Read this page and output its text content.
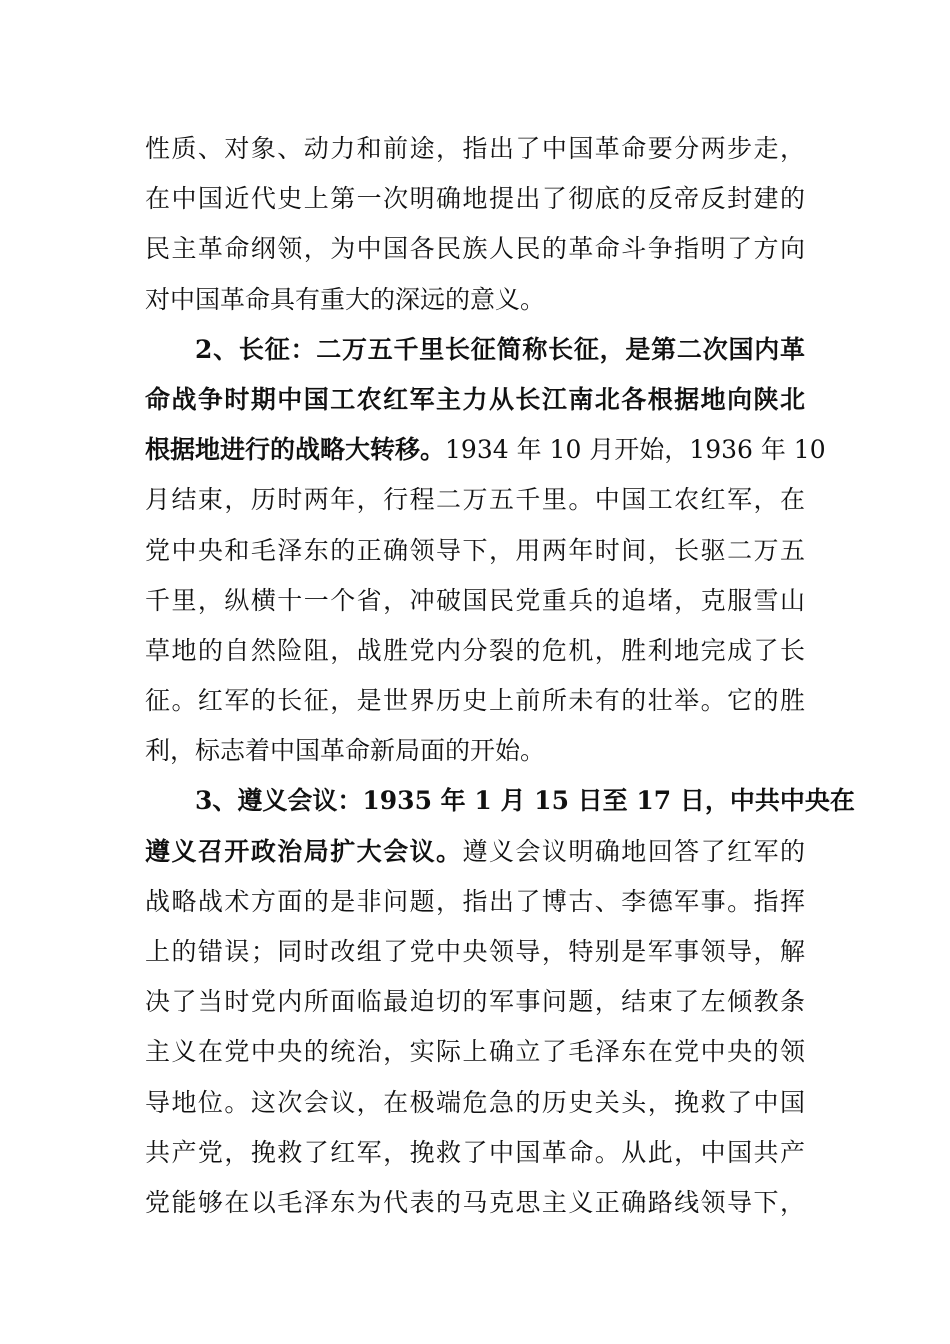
性质、对象、动力和前途，指出了中国革命要分两步走，
在中国近代史上第一次明确地提出了彻底的反帝反封建的
民主革命纲领，为中国各民族人民的革命斗争指明了方向
对中国革命具有重大的深远的意义。
2、长征：二万五千里长征简称长征，是第二次国内革
命战争时期中国工农红军主力从长江南北各根据地向陕北
根据地进行的战略大转移。1934 年 10 月开始，1936 年 10
月结束，历时两年，行程二万五千里。中国工农红军，在
党中央和毛泽东的正确领导下，用两年时间，长驱二万五
千里，纵横十一个省，冲破国民党重兵的追堵，克服雪山
草地的自然险阻，战胜党内分裂的危机，胜利地完成了长
征。红军的长征，是世界历史上前所未有的壮举。它的胜
利，标志着中国革命新局面的开始。
3、遵义会议：1935 年 1 月 15 日至 17 日，中共中央在
遵义召开政治局扩大会议。遵义会议明确地回答了红军的
战略战术方面的是非问题，指出了博古、李德军事。指挥
上的错误；同时改组了党中央领导，特别是军事领导，解
决了当时党内所面临最迫切的军事问题，结束了左倾教条
主义在党中央的统治，实际上确立了毛泽东在党中央的领
导地位。这次会议，在极端危急的历史关头，挽救了中国
共产党，挽救了红军，挽救了中国革命。从此，中国共产
党能够在以毛泽东为代表的马克思主义正确路线领导下，
